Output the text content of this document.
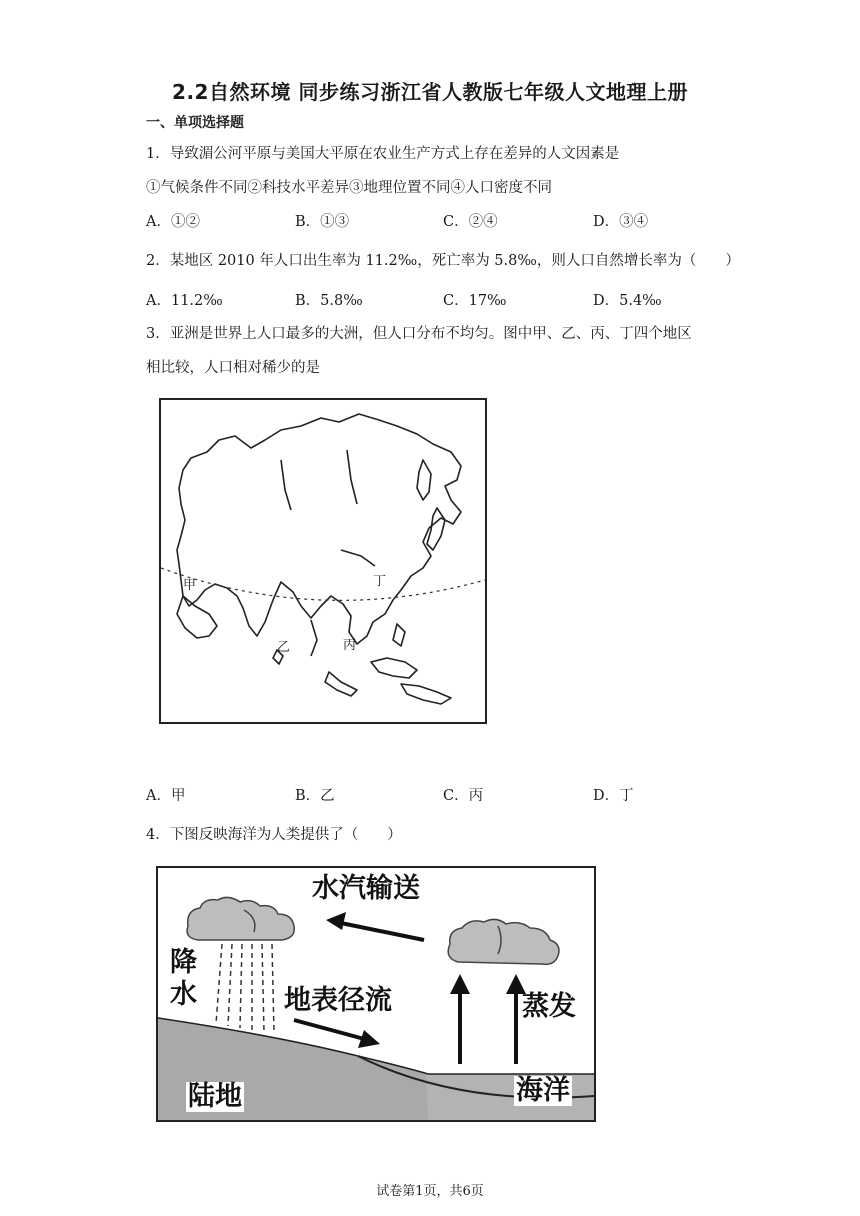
2.2自然环境 同步练习浙江省人教版七年级人文地理上册
一、单项选择题
1．导致湄公河平原与美国大平原在农业生产方式上存在差异的人文因素是
①气候条件不同②科技水平差异③地理位置不同④人口密度不同
A．①②	B．①③	C．②④	D．③④
2．某地区 2010 年人口出生率为 11.2‰，死亡率为 5.8‰，则人口自然增长率为（　　）
A．11.2‰	B．5.8‰	C．17‰	D．5.4‰
3．亚洲是世界上人口最多的大洲，但人口分布不均匀。图中甲、乙、丙、丁四个地区
相比较，人口相对稀少的是
甲
乙	丙
丁
A．甲	B．乙	C．丙	D．丁
4．下图反映海洋为人类提供了（　　）
水汽输送
降
水	地表径流	蒸发
陆地	海洋
试卷第1页，共6页
